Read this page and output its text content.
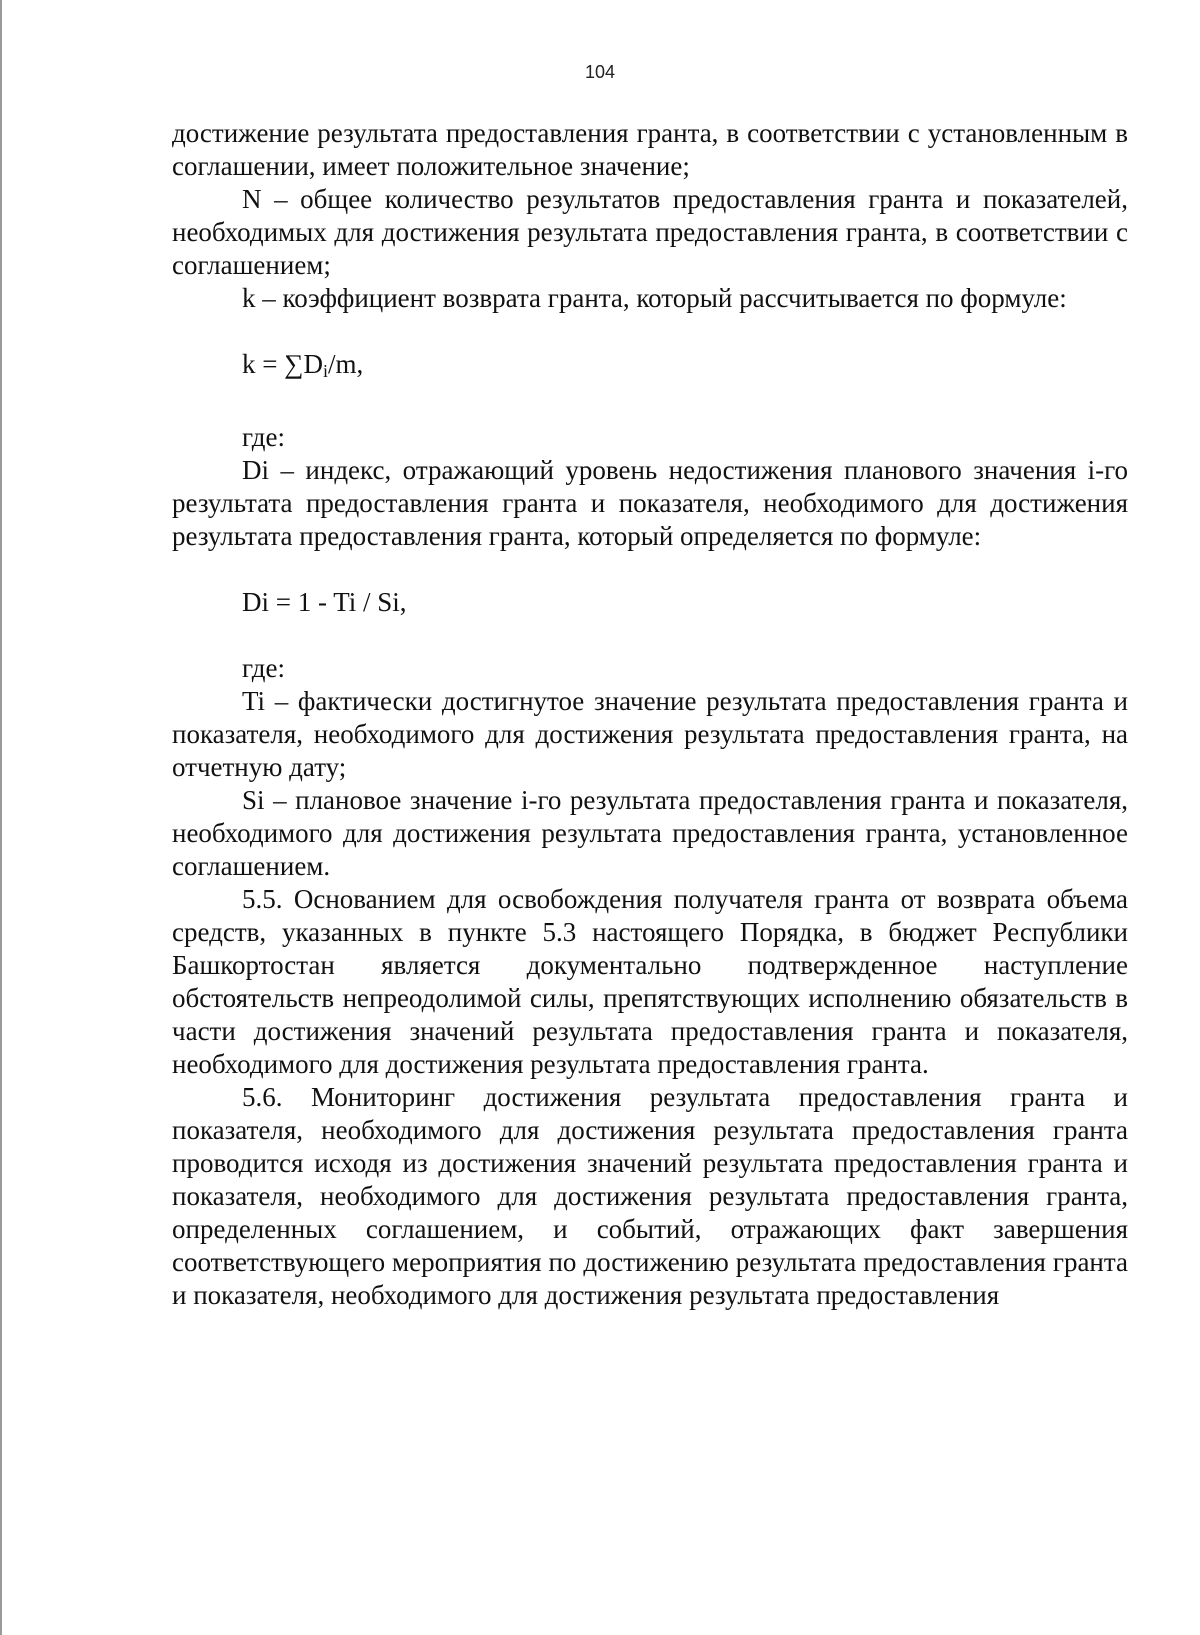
104

достижение результата предоставления гранта, в соответствии с установленным в соглашении, имеет положительное значение;

N – общее количество результатов предоставления гранта и показателей, необходимых для достижения результата предоставления гранта, в соответствии с соглашением;

k – коэффициент возврата гранта, который рассчитывается по формуле:

k = ∑Di/m,

где:

Di – индекс, отражающий уровень недостижения планового значения i-го результата предоставления гранта и показателя, необходимого для достижения результата предоставления гранта, который определяется по формуле:

Di = 1 - Ti / Si,

где:

Ti – фактически достигнутое значение результата предоставления гранта и показателя, необходимого для достижения результата предоставления гранта, на отчетную дату;

Si – плановое значение i-го результата предоставления гранта и показателя, необходимого для достижения результата предоставления гранта, установленное соглашением.

5.5. Основанием для освобождения получателя гранта от возврата объема средств, указанных в пункте 5.3 настоящего Порядка, в бюджет Республики Башкортостан является документально подтвержденное наступление обстоятельств непреодолимой силы, препятствующих исполнению обязательств в части достижения значений результата предоставления гранта и показателя, необходимого для достижения результата предоставления гранта.

5.6. Мониторинг достижения результата предоставления гранта и показателя, необходимого для достижения результата предоставления гранта проводится исходя из достижения значений результата предоставления гранта и показателя, необходимого для достижения результата предоставления гранта, определенных соглашением, и событий, отражающих факт завершения соответствующего мероприятия по достижению результата предоставления гранта и показателя, необходимого для достижения результата предоставления
